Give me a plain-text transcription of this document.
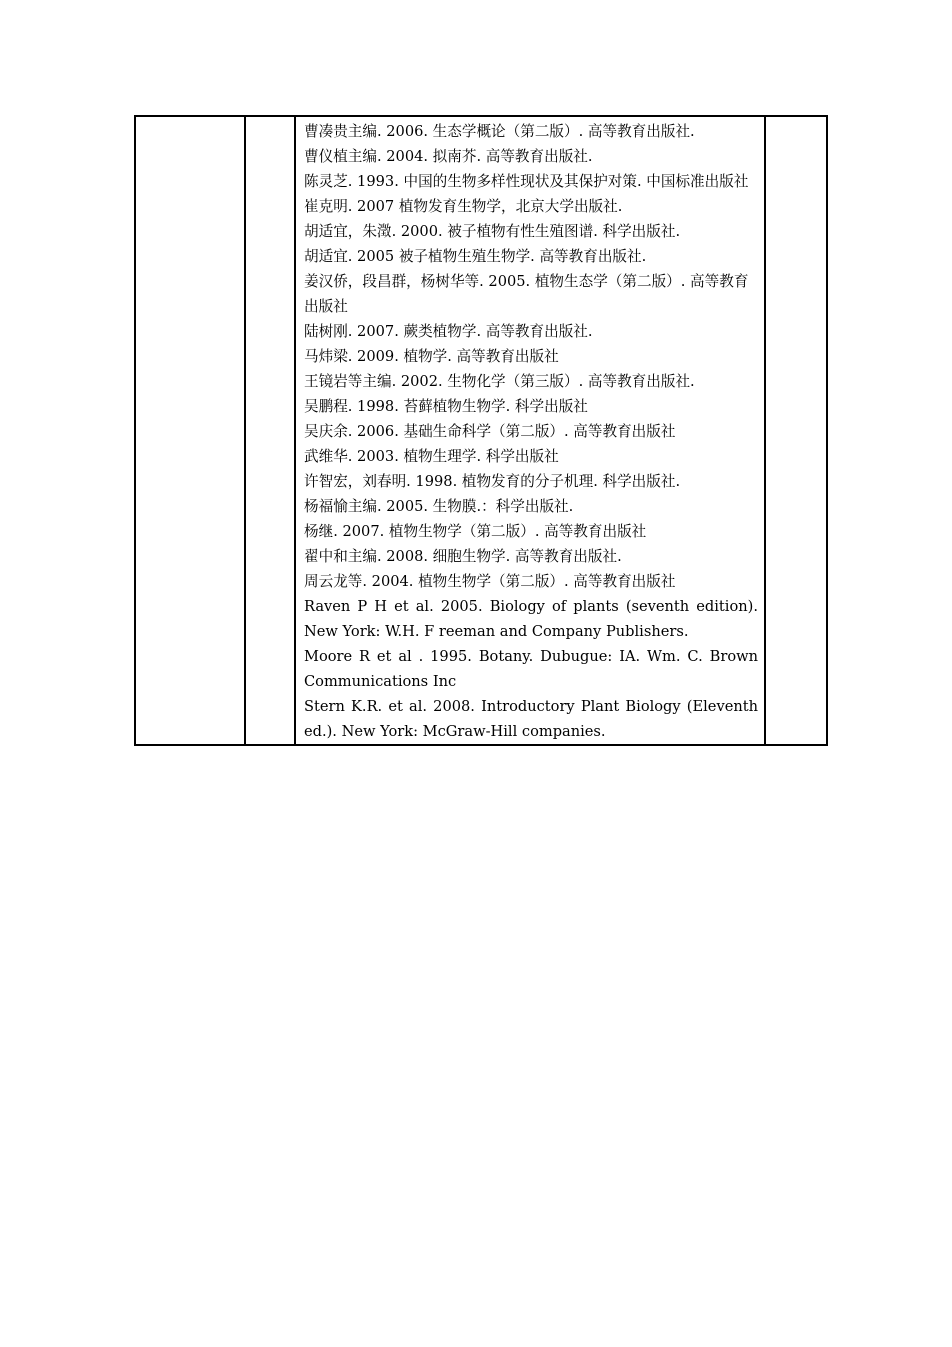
曹凑贵主编. 2006. 生态学概论（第二版）. 高等教育出版社.
曹仪植主编. 2004. 拟南芥. 高等教育出版社.
陈灵芝. 1993. 中国的生物多样性现状及其保护对策. 中国标准出版社
崔克明. 2007 植物发育生物学，北京大学出版社.
胡适宜，朱澂. 2000. 被子植物有性生殖图谱. 科学出版社.
胡适宜. 2005 被子植物生殖生物学. 高等教育出版社.
姜汉侨，段昌群，杨树华等. 2005. 植物生态学（第二版）. 高等教育出版社
陆树刚. 2007. 蕨类植物学. 高等教育出版社.
马炜梁. 2009. 植物学. 高等教育出版社
王镜岩等主编. 2002. 生物化学（第三版）. 高等教育出版社.
吴鹏程. 1998. 苔藓植物生物学. 科学出版社
吴庆余. 2006. 基础生命科学（第二版）. 高等教育出版社
武维华. 2003. 植物生理学. 科学出版社
许智宏，刘春明. 1998. 植物发育的分子机理. 科学出版社.
杨福愉主编. 2005. 生物膜.：科学出版社.
杨继. 2007. 植物生物学（第二版）. 高等教育出版社
翟中和主编. 2008. 细胞生物学. 高等教育出版社.
周云龙等. 2004. 植物生物学（第二版）. 高等教育出版社
Raven P H et al. 2005. Biology of plants (seventh edition). New York: W.H. F reeman and Company Publishers.
Moore R et al . 1995. Botany. Dubugue: IA. Wm. C. Brown Communications Inc
Stern K.R. et al. 2008. Introductory Plant Biology (Eleventh ed.). New York: McGraw-Hill companies.
